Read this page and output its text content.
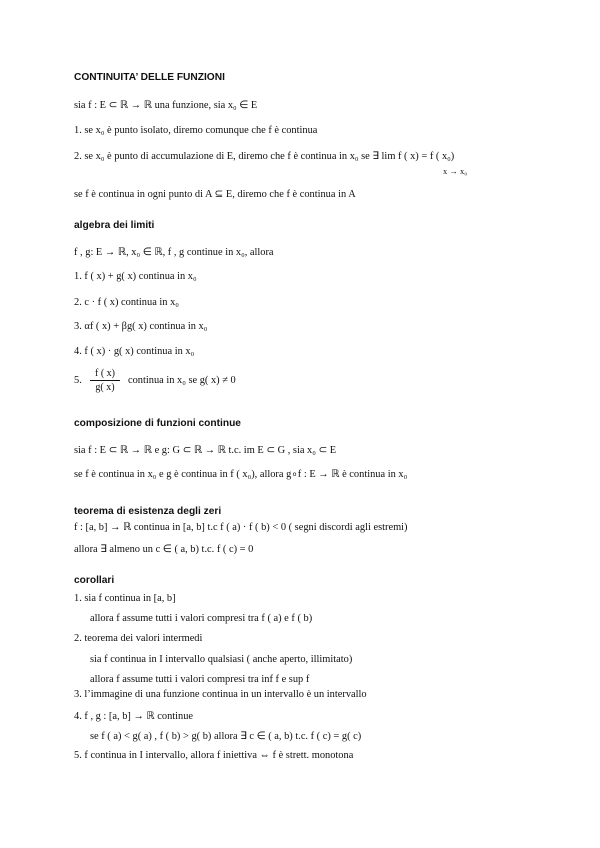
CONTINUITA’ DELLE FUNZIONI
sia f : E ⊂ ℝ → ℝ una funzione, sia x₀ ∈ E
1. se x₀ è punto isolato, diremo comunque che f è continua
2. se x₀ è punto di accumulazione di E, diremo che f è continua in x₀ se ∃ lim f ( x) = f ( x₀)
x → x₀
se f è continua in ogni punto di A ⊆ E, diremo che f è continua in A
algebra dei limiti
f , g: E → ℝ, x₀ ∈ ℝ, f , g continue in x₀, allora
1. f ( x) + g( x) continua in x₀
2. c · f ( x) continua in x₀
3. αf ( x) + βg( x) continua in x₀
4. f ( x) · g( x) continua in x₀
5.
f ( x)
g( x)
continua in x₀ se g( x) ≠ 0
composizione di funzioni continue
sia f : E ⊂ ℝ → ℝ e g: G ⊂ ℝ → ℝ t.c. im E ⊂ G , sia x₀ ⊂ E
se f è continua in x₀ e g è continua in f ( x₀), allora g∘f : E → ℝ è continua in x₀
teorema di esistenza degli zeri
f : [a, b] → ℝ continua in [a, b] t.c f ( a) · f ( b) < 0 ( segni discordi agli estremi)
allora ∃ almeno un c ∈ ( a, b) t.c. f ( c) = 0
corollari
1. sia f continua in [a, b]
allora f assume tutti i valori compresi tra f ( a) e f ( b)
2. teorema dei valori intermedi
sia f continua in I intervallo qualsiasi ( anche aperto, illimitato)
allora f assume tutti i valori compresi tra inf f e sup f
3. l’immagine di una funzione continua in un intervallo è un intervallo
4. f , g : [a, b] → ℝ continue
se f ( a) < g( a) , f ( b) > g( b) allora ∃ c ∈ ( a, b) t.c. f ( c) = g( c)
5. f continua in I intervallo, allora f iniettiva ⇔ f è strett. monotona
